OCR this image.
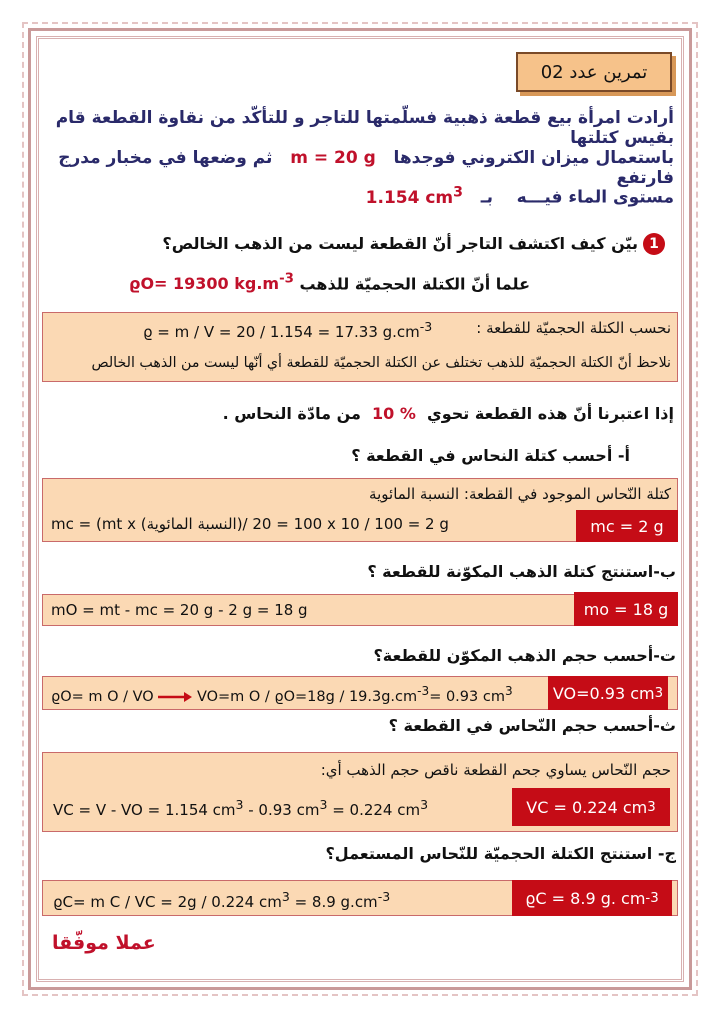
تمرين عدد 02
أرادت امرأة بيع قطعة ذهبية فسلّمتها للتاجر و للتأكّد من نقاوة القطعة قام بقيس كتلتها
باستعمال ميزان الكتروني فوجدها   m = 20 g   ثم وضعها في مخبار مدرج فارتفع
مستوى الماء فيـــه    بـ   1.154 $cm^3$
1
بيّن كيف اكتشف التاجر أنّ القطعة ليست من الذهب الخالص؟
علما أنّ الكتلة الحجميّة للذهب ϱO= 19300 $kg.m^{-3}$
نحسب الكتلة الحجميّة للقطعة :
ϱ = m / V = 20 / 1.154 = 17.33 $g.cm^{-3}$
نلاحظ أنّ الكتلة الحجميّة للذهب تختلف عن الكتلة الحجميّة للقطعة أي أنّها ليست من الذهب الخالص
إذا اعتبرنا أنّ هذه القطعة تحوي  10 %  من مادّة النحاس .
أ- أحسب كتلة النحاس في القطعة ؟
كتلة النّحاس الموجود في القطعة: النسبة المائوية
mc = (mt x (النسبة المائوية)/ 100 = 20 x 10 / 100 = 2 g	mc = 2 g
ب-استنتج كتلة الذهب المكوّنة للقطعة ؟
mO = mt - mc = 20 g - 2 g = 18 g	mo = 18 g
ت-أحسب حجم الذهب المكوّن للقطعة؟
ϱO= m O / VO	VO=m $O / ϱO=18g / 19.3g.cm^{-3}= 0.93$ $cm^3$	VO=0.93 cm 3
ث-أحسب حجم النّحاس في القطعة ؟
حجم النّحاس يساوي جحم القطعة ناقص حجم الذهب أي:
VC = V - VO = 1.154 $cm^3 - 0.93$ $cm^3 = 0.224$ $cm^3$	VC = 0.224 cm 3
ج- استنتج الكتلة الحجميّة للنّحاس المستعمل؟
ϱC= m C / VC = 2g / 0.224 $cm^3 = 8.9$ $g.cm^{-3}$	ϱC = 8.9 g. cm -3
عملا موفّقا
